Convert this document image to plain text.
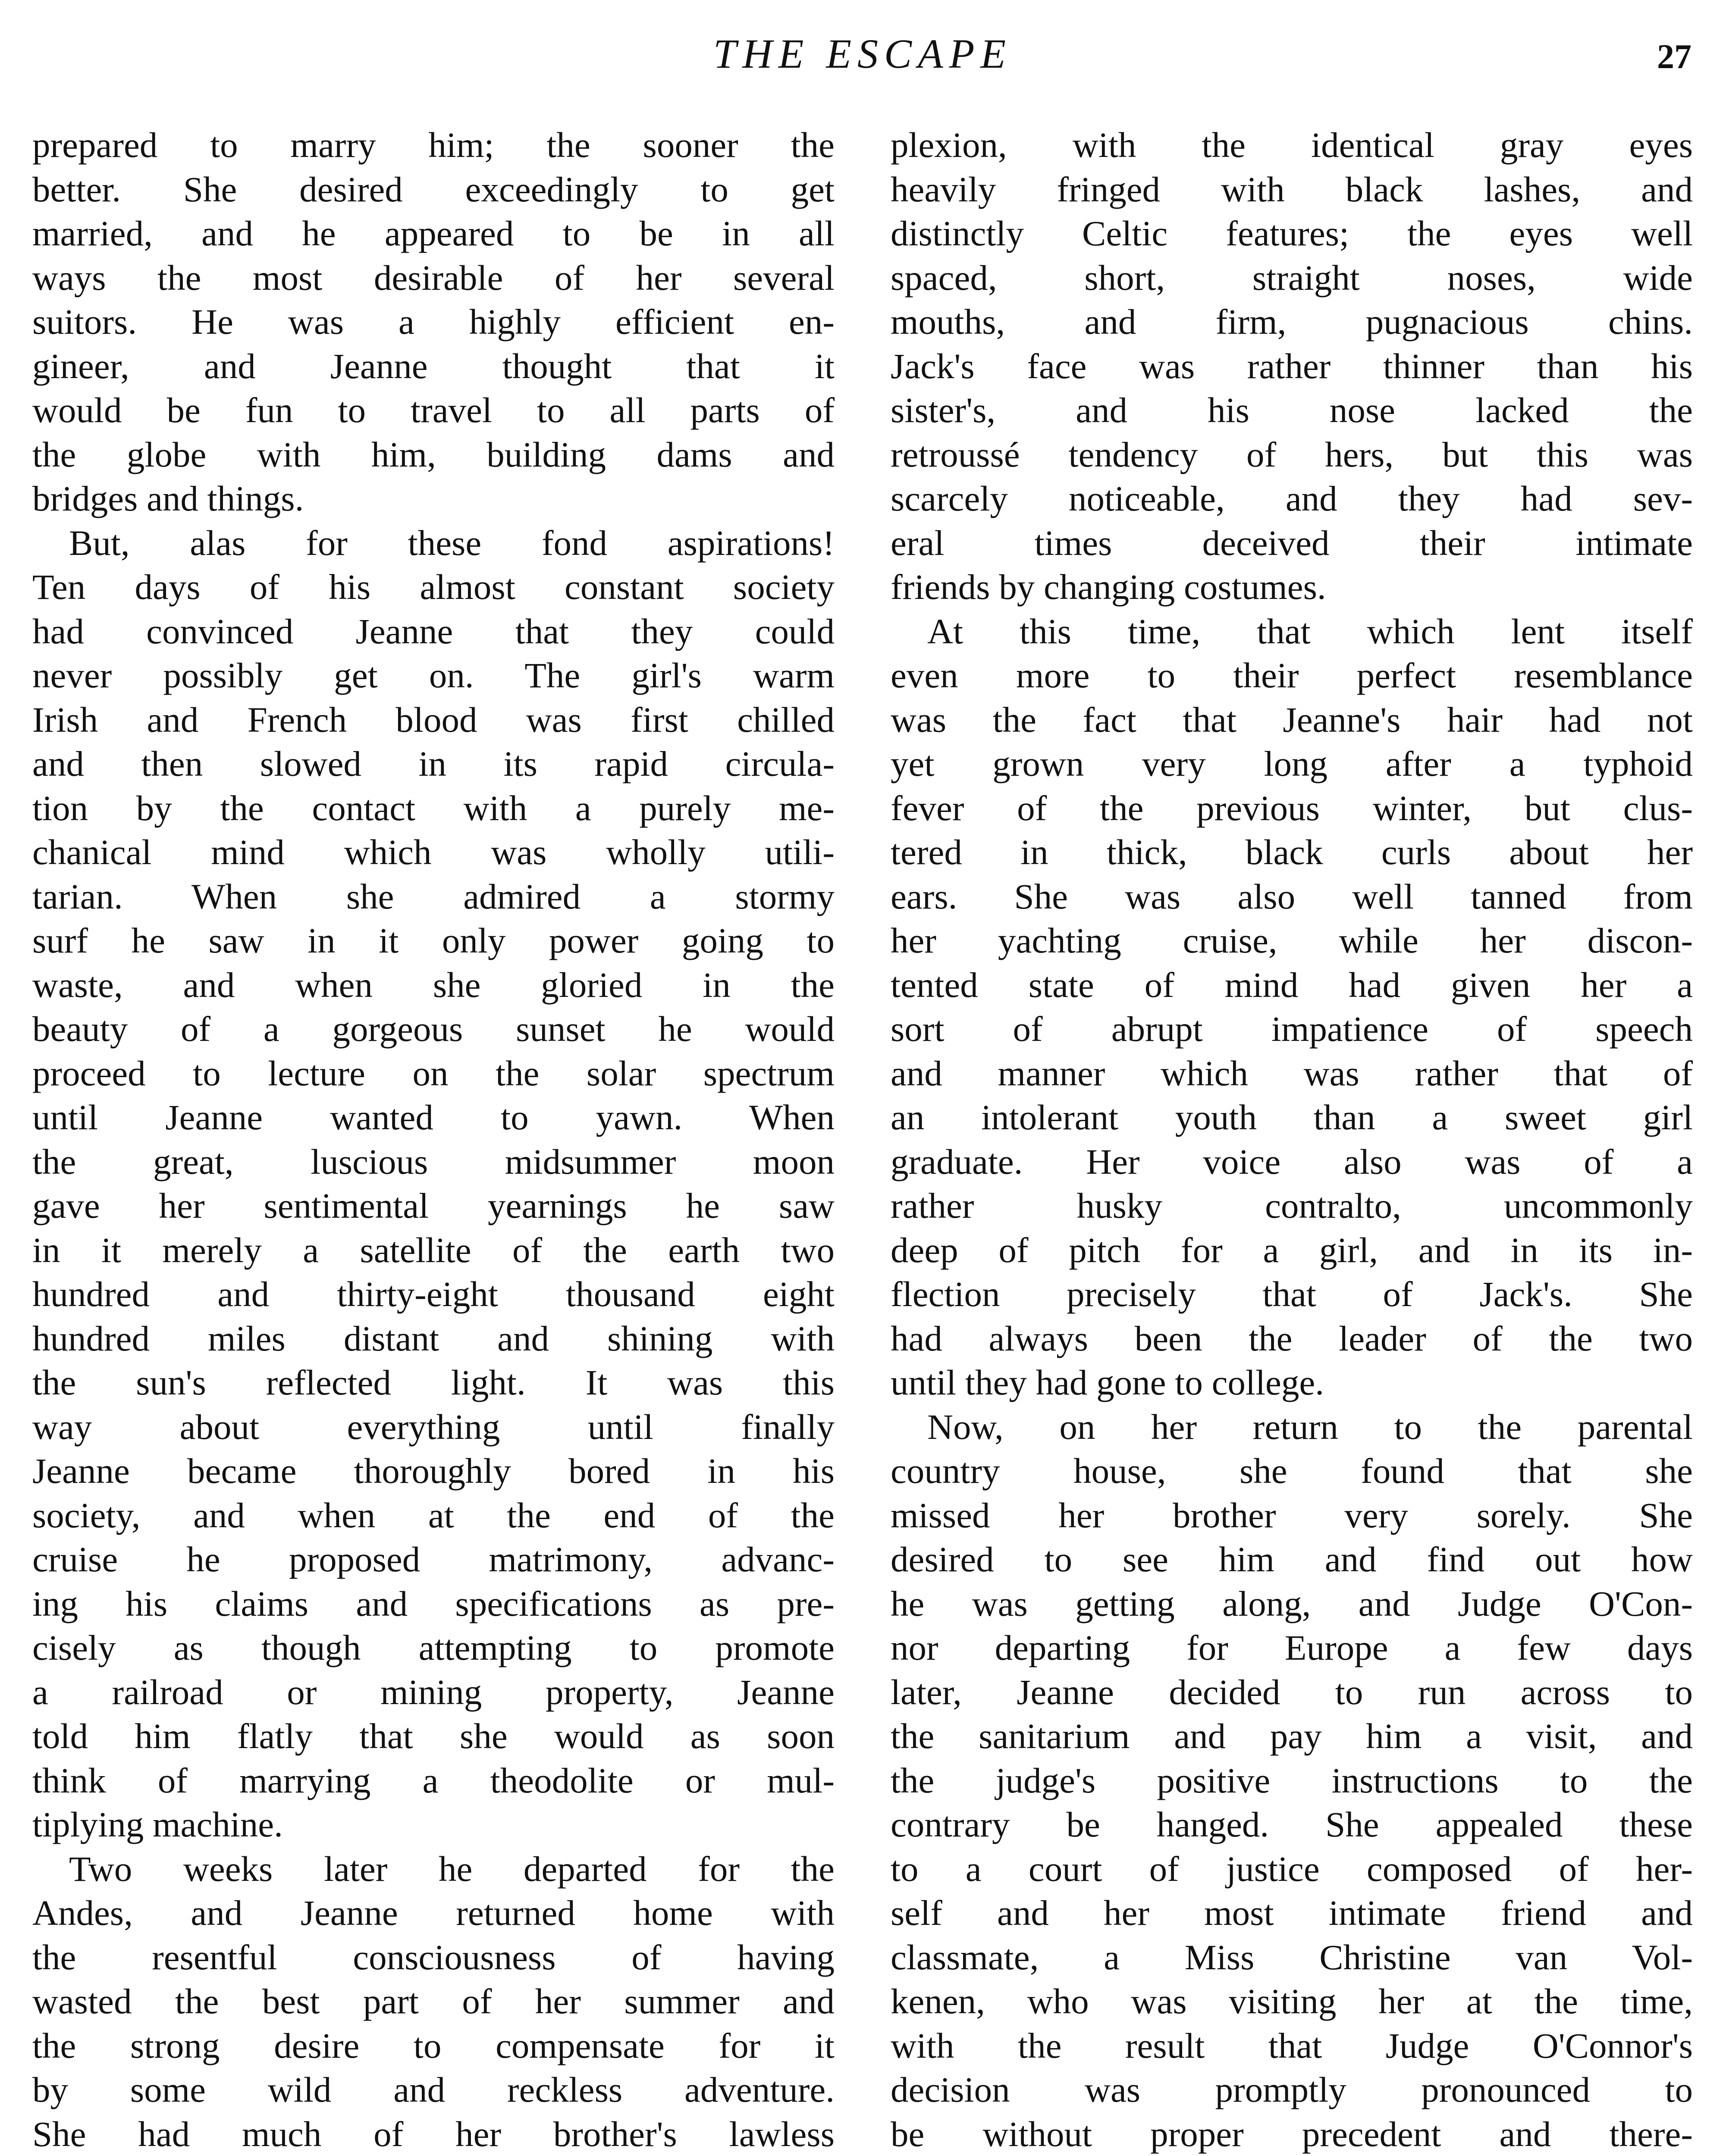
THE ESCAPE	27
prepared to marry him; the sooner the
better. She desired exceedingly to get
married, and he appeared to be in all
ways the most desirable of her several
suitors. He was a highly efficient en-
gineer, and Jeanne thought that it
would be fun to travel to all parts of
the globe with him, building dams and
bridges and things.
But, alas for these fond aspirations!
Ten days of his almost constant society
had convinced Jeanne that they could
never possibly get on. The girl's warm
Irish and French blood was first chilled
and then slowed in its rapid circula-
tion by the contact with a purely me-
chanical mind which was wholly utili-
tarian. When she admired a stormy
surf he saw in it only power going to
waste, and when she gloried in the
beauty of a gorgeous sunset he would
proceed to lecture on the solar spectrum
until Jeanne wanted to yawn. When
the great, luscious midsummer moon
gave her sentimental yearnings he saw
in it merely a satellite of the earth two
hundred and thirty-eight thousand eight
hundred miles distant and shining with
the sun's reflected light. It was this
way about everything until finally
Jeanne became thoroughly bored in his
society, and when at the end of the
cruise he proposed matrimony, advanc-
ing his claims and specifications as pre-
cisely as though attempting to promote
a railroad or mining property, Jeanne
told him flatly that she would as soon
think of marrying a theodolite or mul-
tiplying machine.
Two weeks later he departed for the
Andes, and Jeanne returned home with
the resentful consciousness of having
wasted the best part of her summer and
the strong desire to compensate for it
by some wild and reckless adventure.
She had much of her brother's lawless
plexion, with the identical gray eyes
heavily fringed with black lashes, and
distinctly Celtic features; the eyes well
spaced, short, straight noses, wide
mouths, and firm, pugnacious chins.
Jack's face was rather thinner than his
sister's, and his nose lacked the
retroussé tendency of hers, but this was
scarcely noticeable, and they had sev-
eral times deceived their intimate
friends by changing costumes.
At this time, that which lent itself
even more to their perfect resemblance
was the fact that Jeanne's hair had not
yet grown very long after a typhoid
fever of the previous winter, but clus-
tered in thick, black curls about her
ears. She was also well tanned from
her yachting cruise, while her discon-
tented state of mind had given her a
sort of abrupt impatience of speech
and manner which was rather that of
an intolerant youth than a sweet girl
graduate. Her voice also was of a
rather husky contralto, uncommonly
deep of pitch for a girl, and in its in-
flection precisely that of Jack's. She
had always been the leader of the two
until they had gone to college.
Now, on her return to the parental
country house, she found that she
missed her brother very sorely. She
desired to see him and find out how
he was getting along, and Judge O'Con-
nor departing for Europe a few days
later, Jeanne decided to run across to
the sanitarium and pay him a visit, and
the judge's positive instructions to the
contrary be hanged. She appealed these
to a court of justice composed of her-
self and her most intimate friend and
classmate, a Miss Christine van Vol-
kenen, who was visiting her at the time,
with the result that Judge O'Connor's
decision was promptly pronounced to
be without proper precedent and there-
